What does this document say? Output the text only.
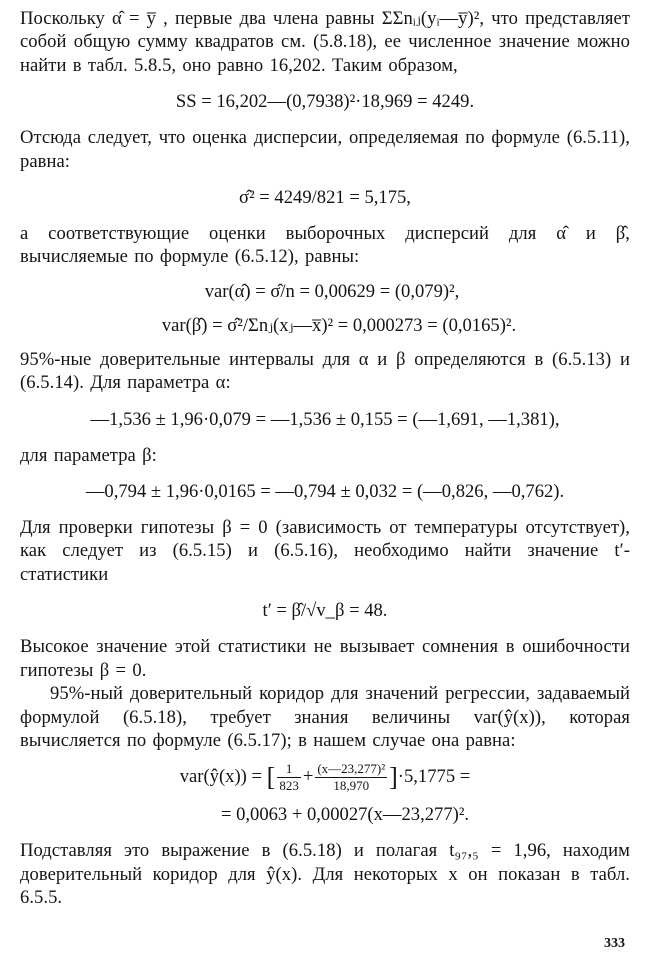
Поскольку α̂ = y̅ , первые два члена равны ΣΣnᵢⱼ(yᵢ—y̅)², что представляет собой общую сумму квадратов см. (5.8.18), ее численное значение можно найти в табл. 5.8.5, оно равно 16,202. Таким образом,

SS = 16,202—(0,7938)²·18,969 = 4249.

Отсюда следует, что оценка дисперсии, определяемая по формуле (6.5.11), равна:

σ̂² = 4249/821 = 5,175,

а соответствующие оценки выборочных дисперсий для α̂ и β̂, вычисляемые по формуле (6.5.12), равны:

var(α̂) = σ̂/n = 0,00629 = (0,079)²,

var(β̂) = σ̂²/Σnⱼ(xⱼ—x̅)² = 0,000273 = (0,0165)².

95%-ные доверительные интервалы для α и β определяются в (6.5.13) и (6.5.14). Для параметра α:

—1,536 ± 1,96·0,079 = —1,536 ± 0,155 = (—1,691, —1,381),

для параметра β:

—0,794 ± 1,96·0,0165 = —0,794 ± 0,032 = (—0,826, —0,762).

Для проверки гипотезы β = 0 (зависимость от температуры отсутствует), как следует из (6.5.15) и (6.5.16), необходимо найти значение t′-статистики

t′ = β̂/√v_β = 48.

Высокое значение этой статистики не вызывает сомнения в ошибочности гипотезы β = 0.

95%-ный доверительный коридор для значений регрессии, задаваемый формулой (6.5.18), требует знания величины var(ŷ(x)), которая вычисляется по формуле (6.5.17); в нашем случае она равна:

var(ŷ(x)) = [ $\frac{1}{823} + \frac{\text{(x—23,277)²}}{18,970} ]\cdot 5,1775$ =

= 0,0063 + 0,00027(x—23,277)².

Подставляя это выражение в (6.5.18) и полагая t₉₇,₅ = 1,96, находим доверительный коридор для ŷ(x). Для некоторых x он показан в табл. 6.5.5.

333
